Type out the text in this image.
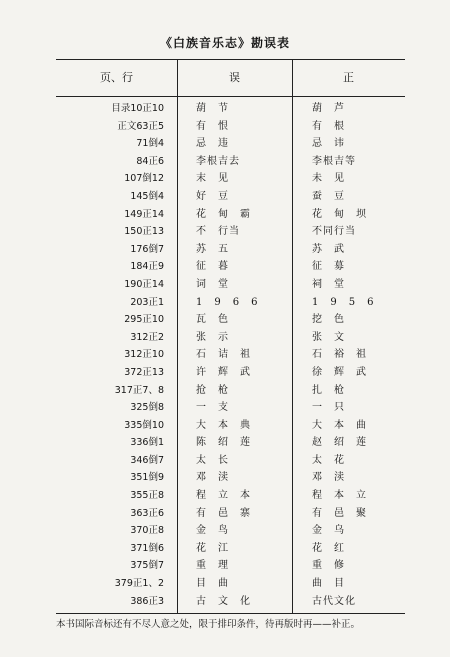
《白族音乐志》勘误表
页、行	误	正
目录10正10	葫　节	葫　芦
正文63正5	有　恨	有　根
71倒4	忌　违	忌　讳
84正6	李根吉去	李根吉等
107倒12	末　见	未　见
145倒4	好　豆	蚕　豆
149正14	花　甸　霸	花　甸　坝
150正13	不　行当	不同行当
176倒7	苏　五	苏　武
184正9	征　暮	征　募
190正14	词　堂	祠　堂
203正1	1　9　6　6	1　9　5　6
295正10	瓦　色	挖　色
312正2	张　示	张　文
312正10	石　诘　祖	石　裕　祖
372正13	许　辉　武	徐　辉　武
317正7、8	抢　枪	扎　枪
325倒8	一　支	一　只
335倒10	大　本　典	大　本　曲
336倒1	陈　绍　莲	赵　绍　莲
346倒7	太　长	太　花
351倒9	邓　渎	邓　渎
355正8	程　立　本	程　本　立
363正6	有　邑　寨	有　邑　聚
370正8	金　鸟	金　乌
371倒6	花　江	花　红
375倒7	重　理	重　修
379正1、2	目　曲	曲　目
386正3	古　文　化	古代文化
本书国际音标还有不尽人意之处，限于排印条件，待再版时再——补正。
